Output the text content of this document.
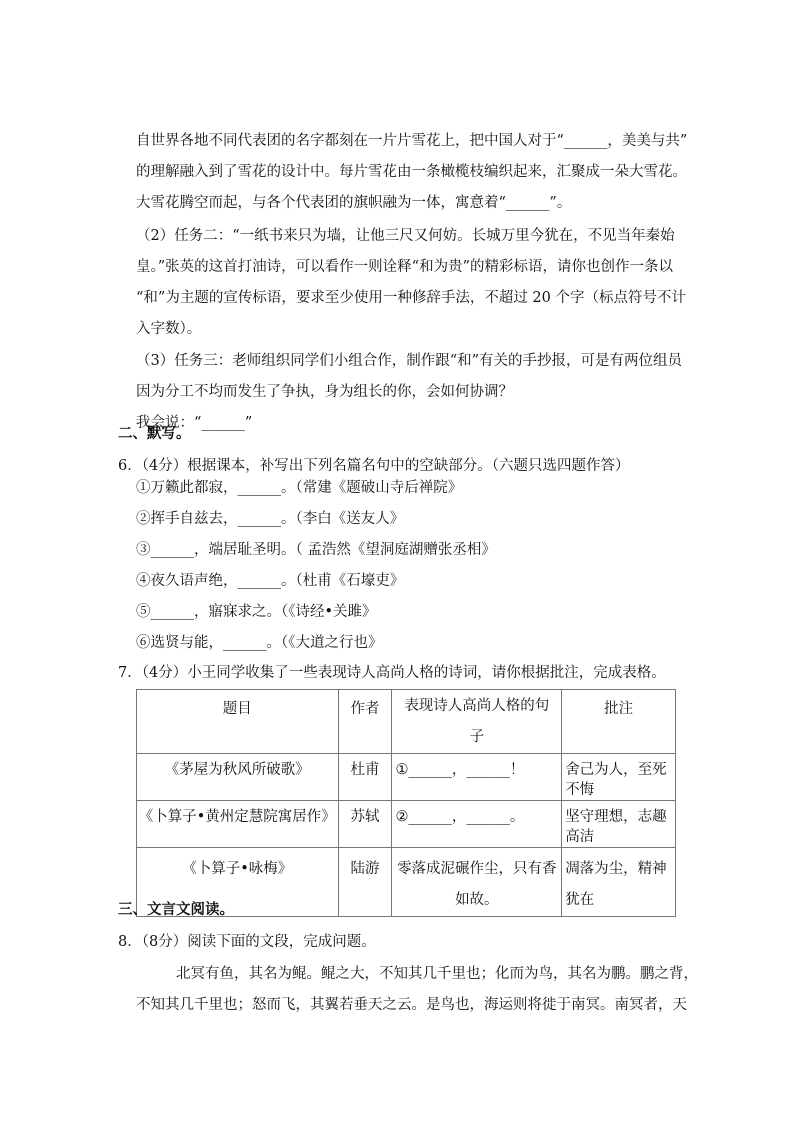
自世界各地不同代表团的名字都刻在一片片雪花上，把中国人对于“______，美美与共”
的理解融入到了雪花的设计中。每片雪花由一条橄榄枝编织起来，汇聚成一朵大雪花。
大雪花腾空而起，与各个代表团的旗帜融为一体，寓意着“______”。
（2）任务二：“一纸书来只为墙，让他三尺又何妨。长城万里今犹在，不见当年秦始
皇。”张英的这首打油诗，可以看作一则诠释“和为贵”的精彩标语，请你也创作一条以
“和”为主题的宣传标语，要求至少使用一种修辞手法，不超过 20 个字（标点符号不计
入字数）。
（3）任务三：老师组织同学们小组合作，制作跟“和”有关的手抄报，可是有两位组员
因为分工不均而发生了争执，身为组长的你，会如何协调？
我会说：“______”
二、默写。
6．（4分）根据课本，补写出下列名篇名句中的空缺部分。（六题只选四题作答）
①万籁此都寂，______。（常建《题破山寺后禅院》
②挥手自兹去，______。（李白《送友人》
③______，端居耻圣明。（ 孟浩然《望洞庭湖赠张丞相》
④夜久语声绝，______。（杜甫《石壕吏》
⑤______，寤寐求之。（《诗经•关雎》
⑥选贤与能，______。（《大道之行也》
7．（4分）小王同学收集了一些表现诗人高尚人格的诗词，请你根据批注，完成表格。
题目	作者	表现诗人高尚人格的句子	批注
《茅屋为秋风所破歌》	杜甫	①______，______！	舍己为人，至死不悔
《卜算子•黄州定慧院寓居作》	苏轼	②______，______。	坚守理想，志趣高洁
《卜算子•咏梅》	陆游	零落成泥碾作尘，只有香如故。	凋落为尘，精神犹在
三、文言文阅读。
8．（8分）阅读下面的文段，完成问题。
北冥有鱼，其名为鲲。鲲之大，不知其几千里也；化而为鸟，其名为鹏。鹏之背，
不知其几千里也；怒而飞，其翼若垂天之云。是鸟也，海运则将徙于南冥。南冥者，天
